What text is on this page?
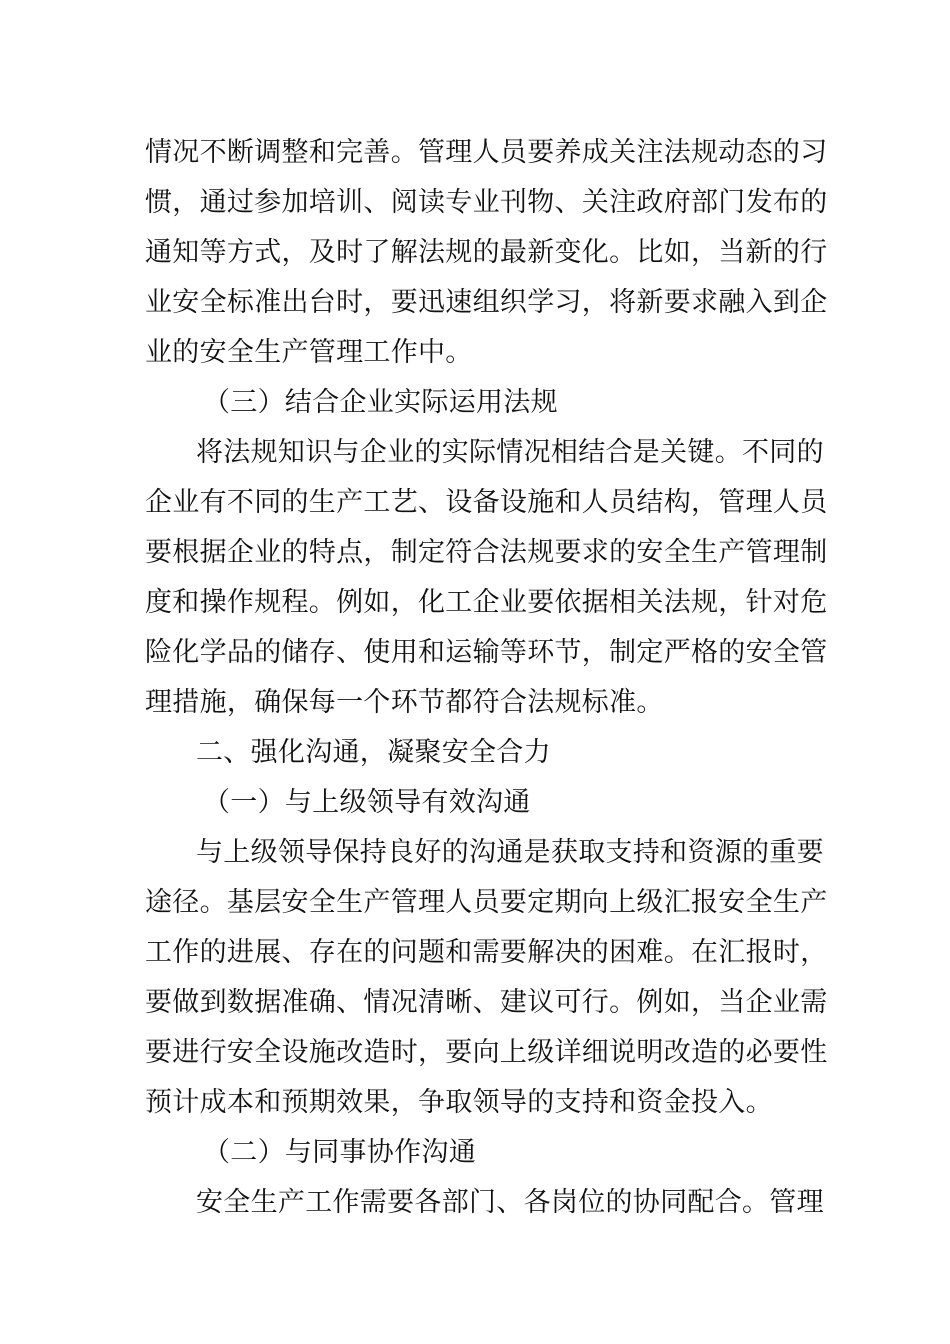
情况不断调整和完善。管理人员要养成关注法规动态的习
惯，通过参加培训、阅读专业刊物、关注政府部门发布的
通知等方式，及时了解法规的最新变化。比如，当新的行
业安全标准出台时，要迅速组织学习，将新要求融入到企
业的安全生产管理工作中。
（三）结合企业实际运用法规
将法规知识与企业的实际情况相结合是关键。不同的
企业有不同的生产工艺、设备设施和人员结构，管理人员
要根据企业的特点，制定符合法规要求的安全生产管理制
度和操作规程。例如，化工企业要依据相关法规，针对危
险化学品的储存、使用和运输等环节，制定严格的安全管
理措施，确保每一个环节都符合法规标准。
二、强化沟通，凝聚安全合力
（一）与上级领导有效沟通
与上级领导保持良好的沟通是获取支持和资源的重要
途径。基层安全生产管理人员要定期向上级汇报安全生产
工作的进展、存在的问题和需要解决的困难。在汇报时，
要做到数据准确、情况清晰、建议可行。例如，当企业需
要进行安全设施改造时，要向上级详细说明改造的必要性
预计成本和预期效果，争取领导的支持和资金投入。
（二）与同事协作沟通
安全生产工作需要各部门、各岗位的协同配合。管理
